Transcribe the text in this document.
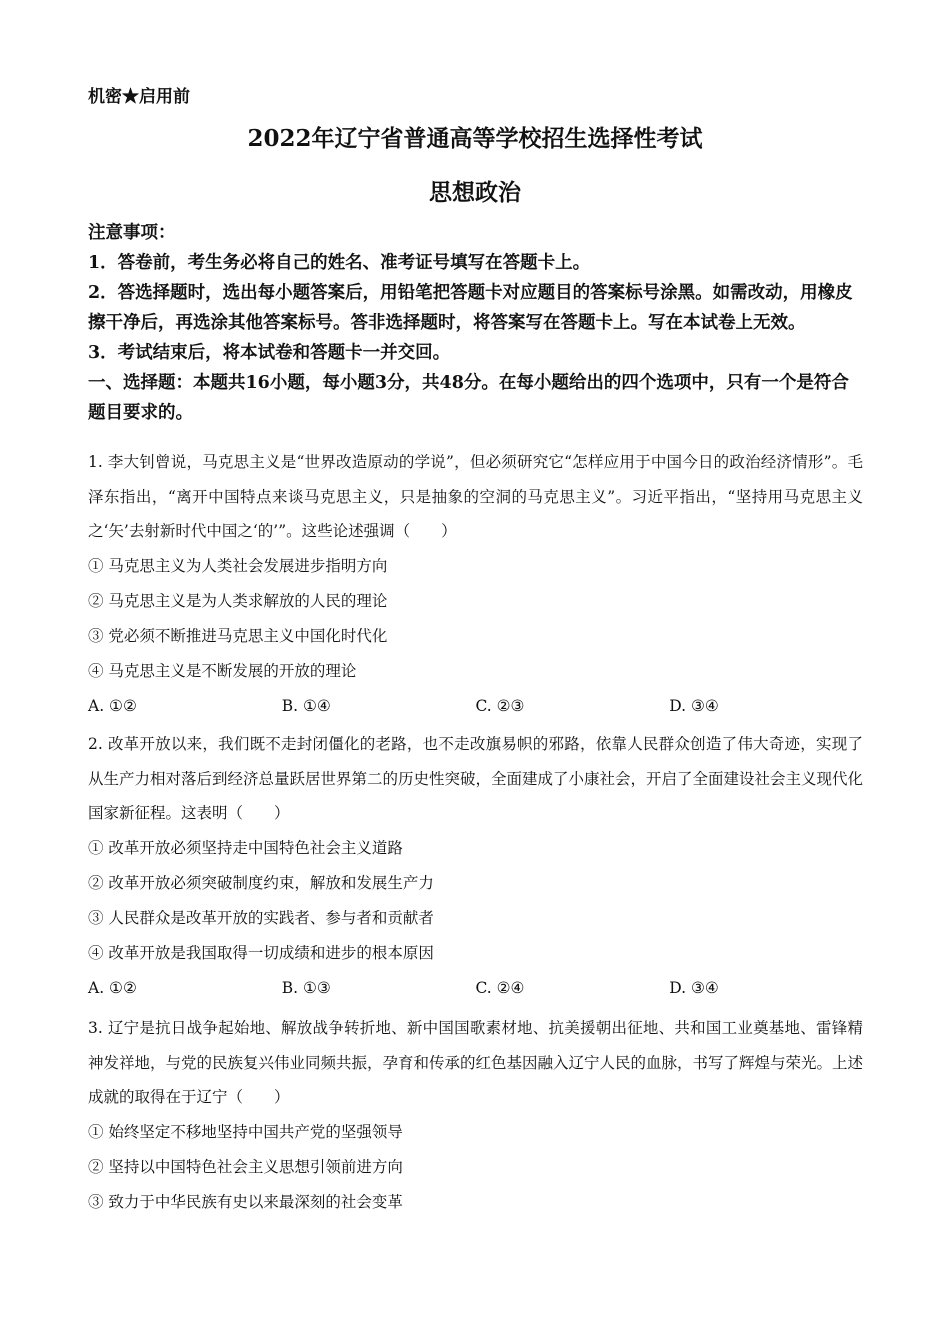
机密★启用前
2022年辽宁省普通高等学校招生选择性考试
思想政治
注意事项：
1．答卷前，考生务必将自己的姓名、准考证号填写在答题卡上。
2．答选择题时，选出每小题答案后，用铅笔把答题卡对应题目的答案标号涂黑。如需改动，用橡皮擦干净后，再选涂其他答案标号。答非选择题时，将答案写在答题卡上。写在本试卷上无效。
3．考试结束后，将本试卷和答题卡一并交回。
一、选择题：本题共16小题，每小题3分，共48分。在每小题给出的四个选项中，只有一个是符合题目要求的。

1. 李大钊曾说，马克思主义是“世界改造原动的学说”，但必须研究它“怎样应用于中国今日的政治经济情形”。毛泽东指出，“离开中国特点来谈马克思主义，只是抽象的空洞的马克思主义”。习近平指出，“坚持用马克思主义之‘矢’去射新时代中国之‘的’”。这些论述强调（　　）

① 马克思主义为人类社会发展进步指明方向

② 马克思主义是为人类求解放的人民的理论

③ 党必须不断推进马克思主义中国化时代化

④ 马克思主义是不断发展的开放的理论

A. ①②	B. ①④	C. ②③	D. ③④

2. 改革开放以来，我们既不走封闭僵化的老路，也不走改旗易帜的邪路，依靠人民群众创造了伟大奇迹，实现了从生产力相对落后到经济总量跃居世界第二的历史性突破，全面建成了小康社会，开启了全面建设社会主义现代化国家新征程。这表明（　　）

① 改革开放必须坚持走中国特色社会主义道路

② 改革开放必须突破制度约束，解放和发展生产力

③ 人民群众是改革开放的实践者、参与者和贡献者

④ 改革开放是我国取得一切成绩和进步的根本原因

A. ①②	B. ①③	C. ②④	D. ③④

3. 辽宁是抗日战争起始地、解放战争转折地、新中国国歌素材地、抗美援朝出征地、共和国工业奠基地、雷锋精神发祥地，与党的民族复兴伟业同频共振，孕育和传承的红色基因融入辽宁人民的血脉，书写了辉煌与荣光。上述成就的取得在于辽宁（　　）

① 始终坚定不移地坚持中国共产党的坚强领导

② 坚持以中国特色社会主义思想引领前进方向

③ 致力于中华民族有史以来最深刻的社会变革
